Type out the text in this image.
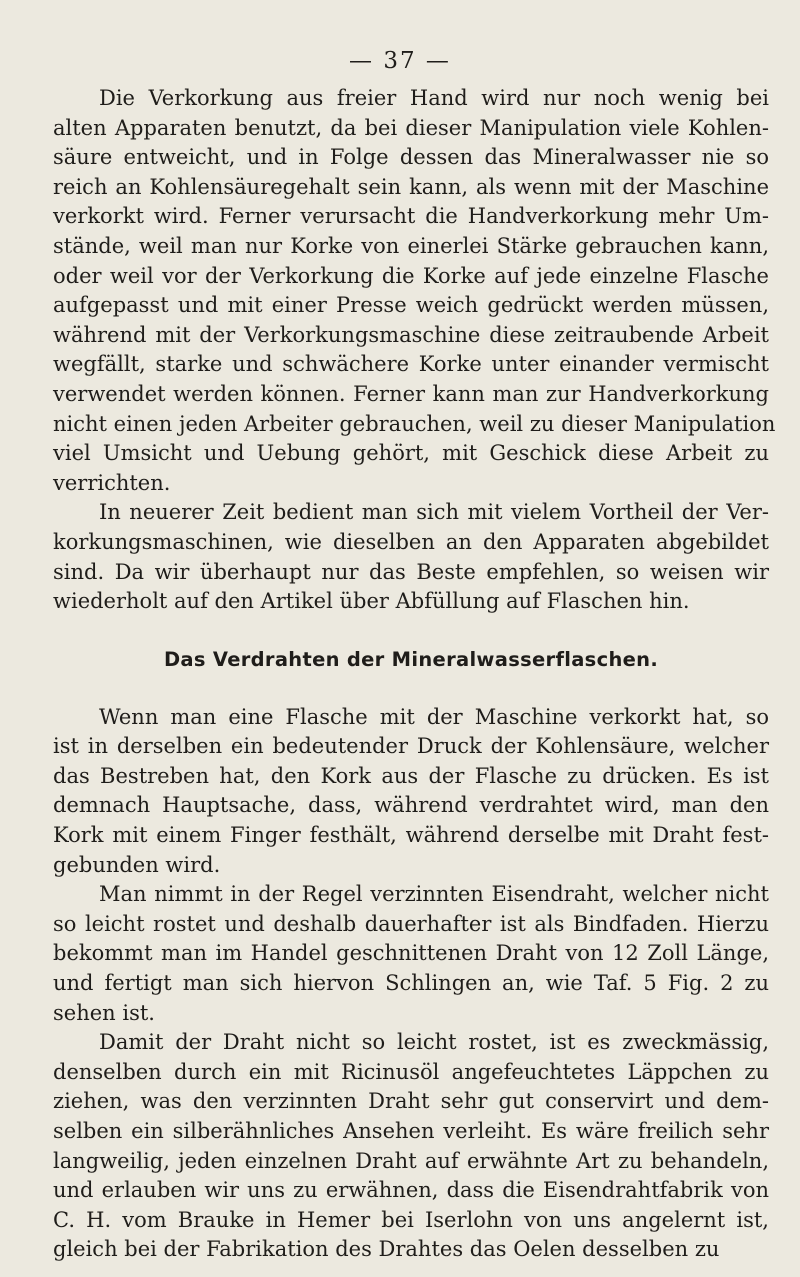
— 37 —
Die Verkorkung aus freier Hand wird nur noch wenig bei
alten Apparaten benutzt, da bei dieser Manipulation viele Kohlen-
säure entweicht, und in Folge dessen das Mineralwasser nie so
reich an Kohlensäuregehalt sein kann, als wenn mit der Maschine
verkorkt wird. Ferner verursacht die Handverkorkung mehr Um-
stände, weil man nur Korke von einerlei Stärke gebrauchen kann,
oder weil vor der Verkorkung die Korke auf jede einzelne Flasche
aufgepasst und mit einer Presse weich gedrückt werden müssen,
während mit der Verkorkungsmaschine diese zeitraubende Arbeit
wegfällt, starke und schwächere Korke unter einander vermischt
verwendet werden können. Ferner kann man zur Handverkorkung
nicht einen jeden Arbeiter gebrauchen, weil zu dieser Manipulation
viel Umsicht und Uebung gehört, mit Geschick diese Arbeit zu
verrichten.
In neuerer Zeit bedient man sich mit vielem Vortheil der Ver-
korkungsmaschinen, wie dieselben an den Apparaten abgebildet
sind. Da wir überhaupt nur das Beste empfehlen, so weisen wir
wiederholt auf den Artikel über Abfüllung auf Flaschen hin.
Das Verdrahten der Mineralwasserflaschen.
Wenn man eine Flasche mit der Maschine verkorkt hat, so
ist in derselben ein bedeutender Druck der Kohlensäure, welcher
das Bestreben hat, den Kork aus der Flasche zu drücken. Es ist
demnach Hauptsache, dass, während verdrahtet wird, man den
Kork mit einem Finger festhält, während derselbe mit Draht fest-
gebunden wird.
Man nimmt in der Regel verzinnten Eisendraht, welcher nicht
so leicht rostet und deshalb dauerhafter ist als Bindfaden. Hierzu
bekommt man im Handel geschnittenen Draht von 12 Zoll Länge,
und fertigt man sich hiervon Schlingen an, wie Taf. 5 Fig. 2 zu
sehen ist.
Damit der Draht nicht so leicht rostet, ist es zweckmässig,
denselben durch ein mit Ricinusöl angefeuchtetes Läppchen zu
ziehen, was den verzinnten Draht sehr gut conservirt und dem-
selben ein silberähnliches Ansehen verleiht. Es wäre freilich sehr
langweilig, jeden einzelnen Draht auf erwähnte Art zu behandeln,
und erlauben wir uns zu erwähnen, dass die Eisendrahtfabrik von
C. H. vom Brauke in Hemer bei Iserlohn von uns angelernt ist,
gleich bei der Fabrikation des Drahtes das Oelen desselben zu
